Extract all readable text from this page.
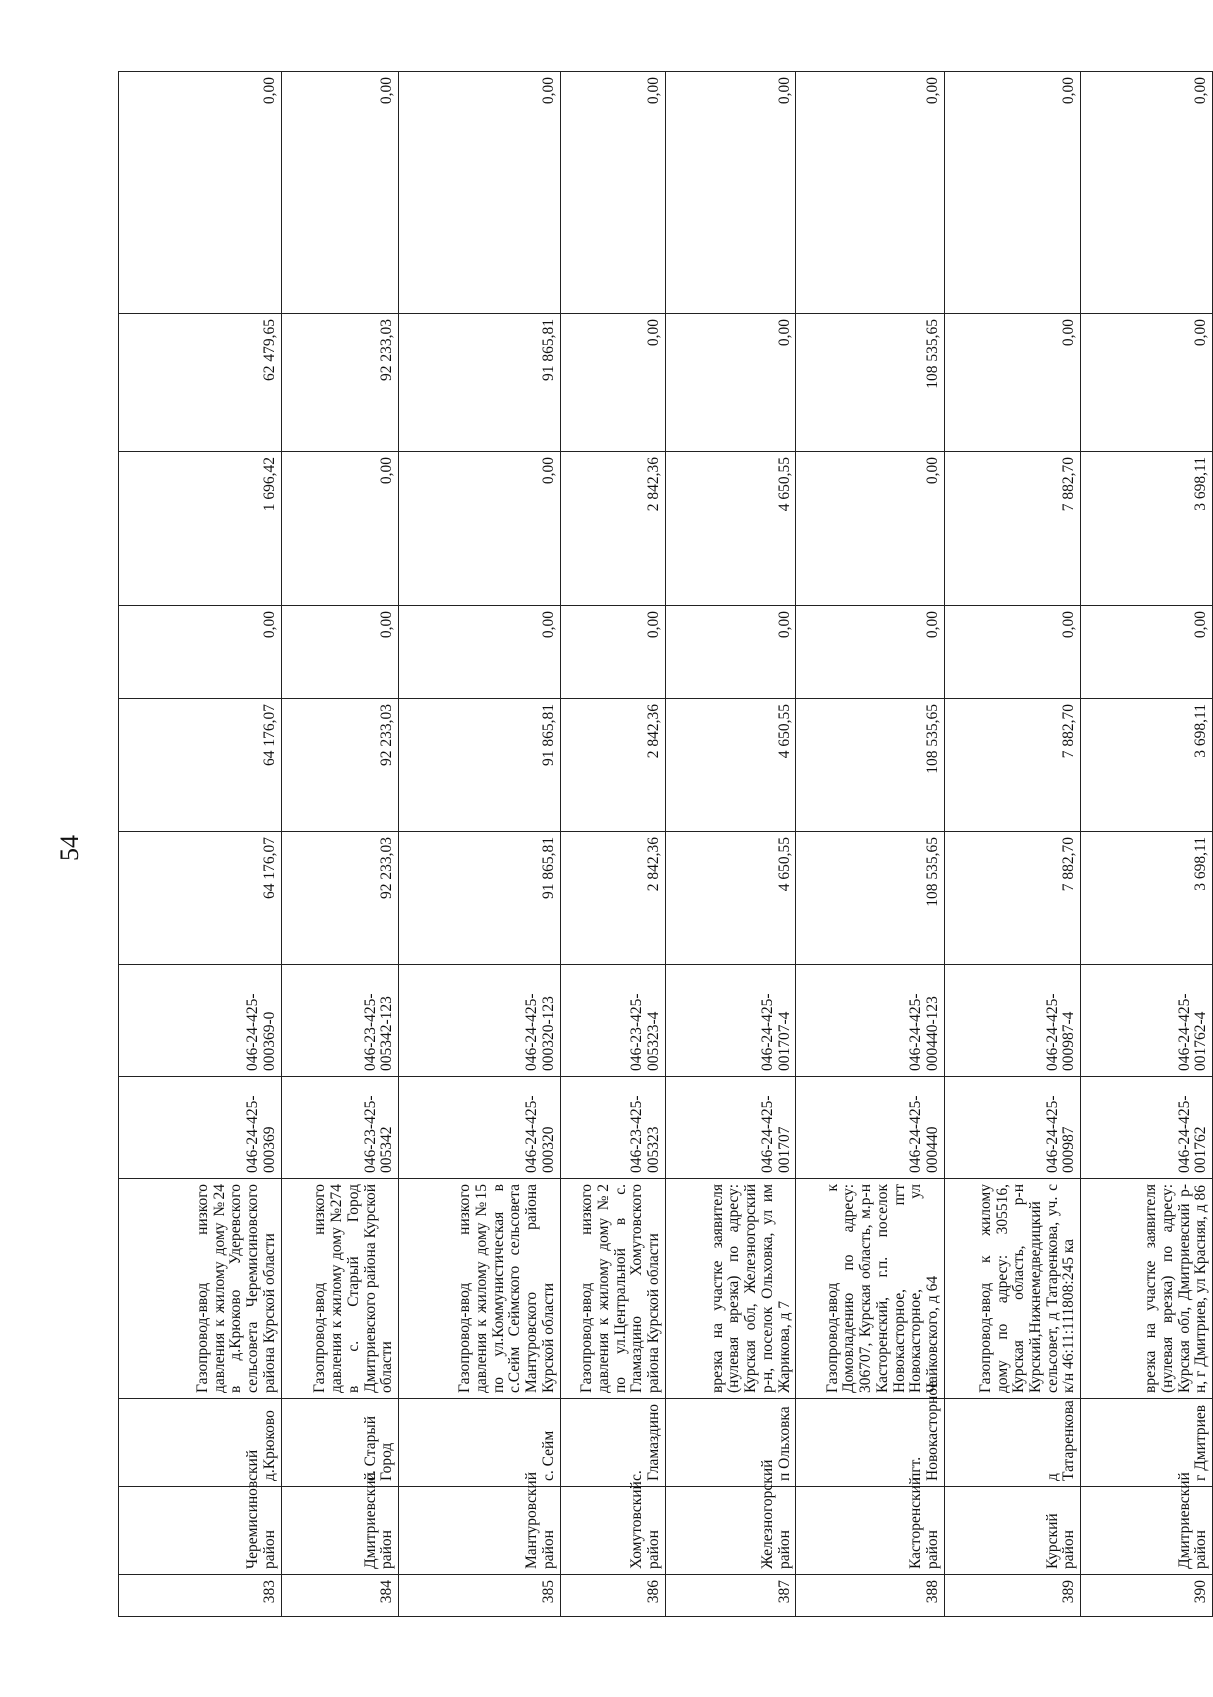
54
383	Черемисиновский район	д.Крюково	Газопровод-ввод низкого давления к жилому дому №24 в д.Крюково Удеревского сельсовета Черемисиновского района Курской области	046-24-425-000369	046-24-425-000369-0	64 176,07	64 176,07	0,00	1 696,42	62 479,65	0,00
384	Дмитриевский район	с. Старый Город	Газопровод-ввод низкого давления к жилому дому №274 в с. Старый Город Дмитриевского района Курской области	046-23-425-005342	046-23-425-005342-123	92 233,03	92 233,03	0,00	0,00	92 233,03	0,00
385	Мантуровский район	с. Сейм	Газопровод-ввод низкого давления к жилому дому №15 по ул.Коммунистическая в с.Сейм Сеймского сельсовета Мантуровского района Курской области	046-24-425-000320	046-24-425-000320-123	91 865,81	91 865,81	0,00	0,00	91 865,81	0,00
386	Хомутовский район	с. Гламаздино	Газопровод-ввод низкого давления к жилому дому №2 по ул.Центральной в с. Гламаздино Хомутовского района Курской области	046-23-425-005323	046-23-425-005323-4	2 842,36	2 842,36	0,00	2 842,36	0,00	0,00
387	Железногорский район	п Ольховка	врезка на участке заявителя (нулевая врезка) по адресу: Курская обл, Железногорский р-н, поселок Ольховка, ул им Жарикова, д 7	046-24-425-001707	046-24-425-001707-4	4 650,55	4 650,55	0,00	4 650,55	0,00	0,00
388	Касторенский район	пгт. Новокасторное	Газопровод-ввод к Домовладению по адресу: 306707, Курская область, м.р-н Касторенский, г.п. поселок Новокасторное, пгт Новокасторное, ул Чайковского, д 64	046-24-425-000440	046-24-425-000440-123	108 535,65	108 535,65	0,00	0,00	108 535,65	0,00
389	Курский район	д Татаренкова	Газопровод-ввод к жилому дому по адресу: 305516, Курская область, р-н Курский,Нижнемедведицкий сельсовет, д Татаренкова, уч. с к/н 46:11:111808:245 ка	046-24-425-000987	046-24-425-000987-4	7 882,70	7 882,70	0,00	7 882,70	0,00	0,00
390	Дмитриевский район	г Дмитриев	врезка на участке заявителя (нулевая врезка) по адресу: Курская обл, Дмитриевский р-н, г Дмитриев, ул Красняя, д 86	046-24-425-001762	046-24-425-001762-4	3 698,11	3 698,11	0,00	3 698,11	0,00	0,00
